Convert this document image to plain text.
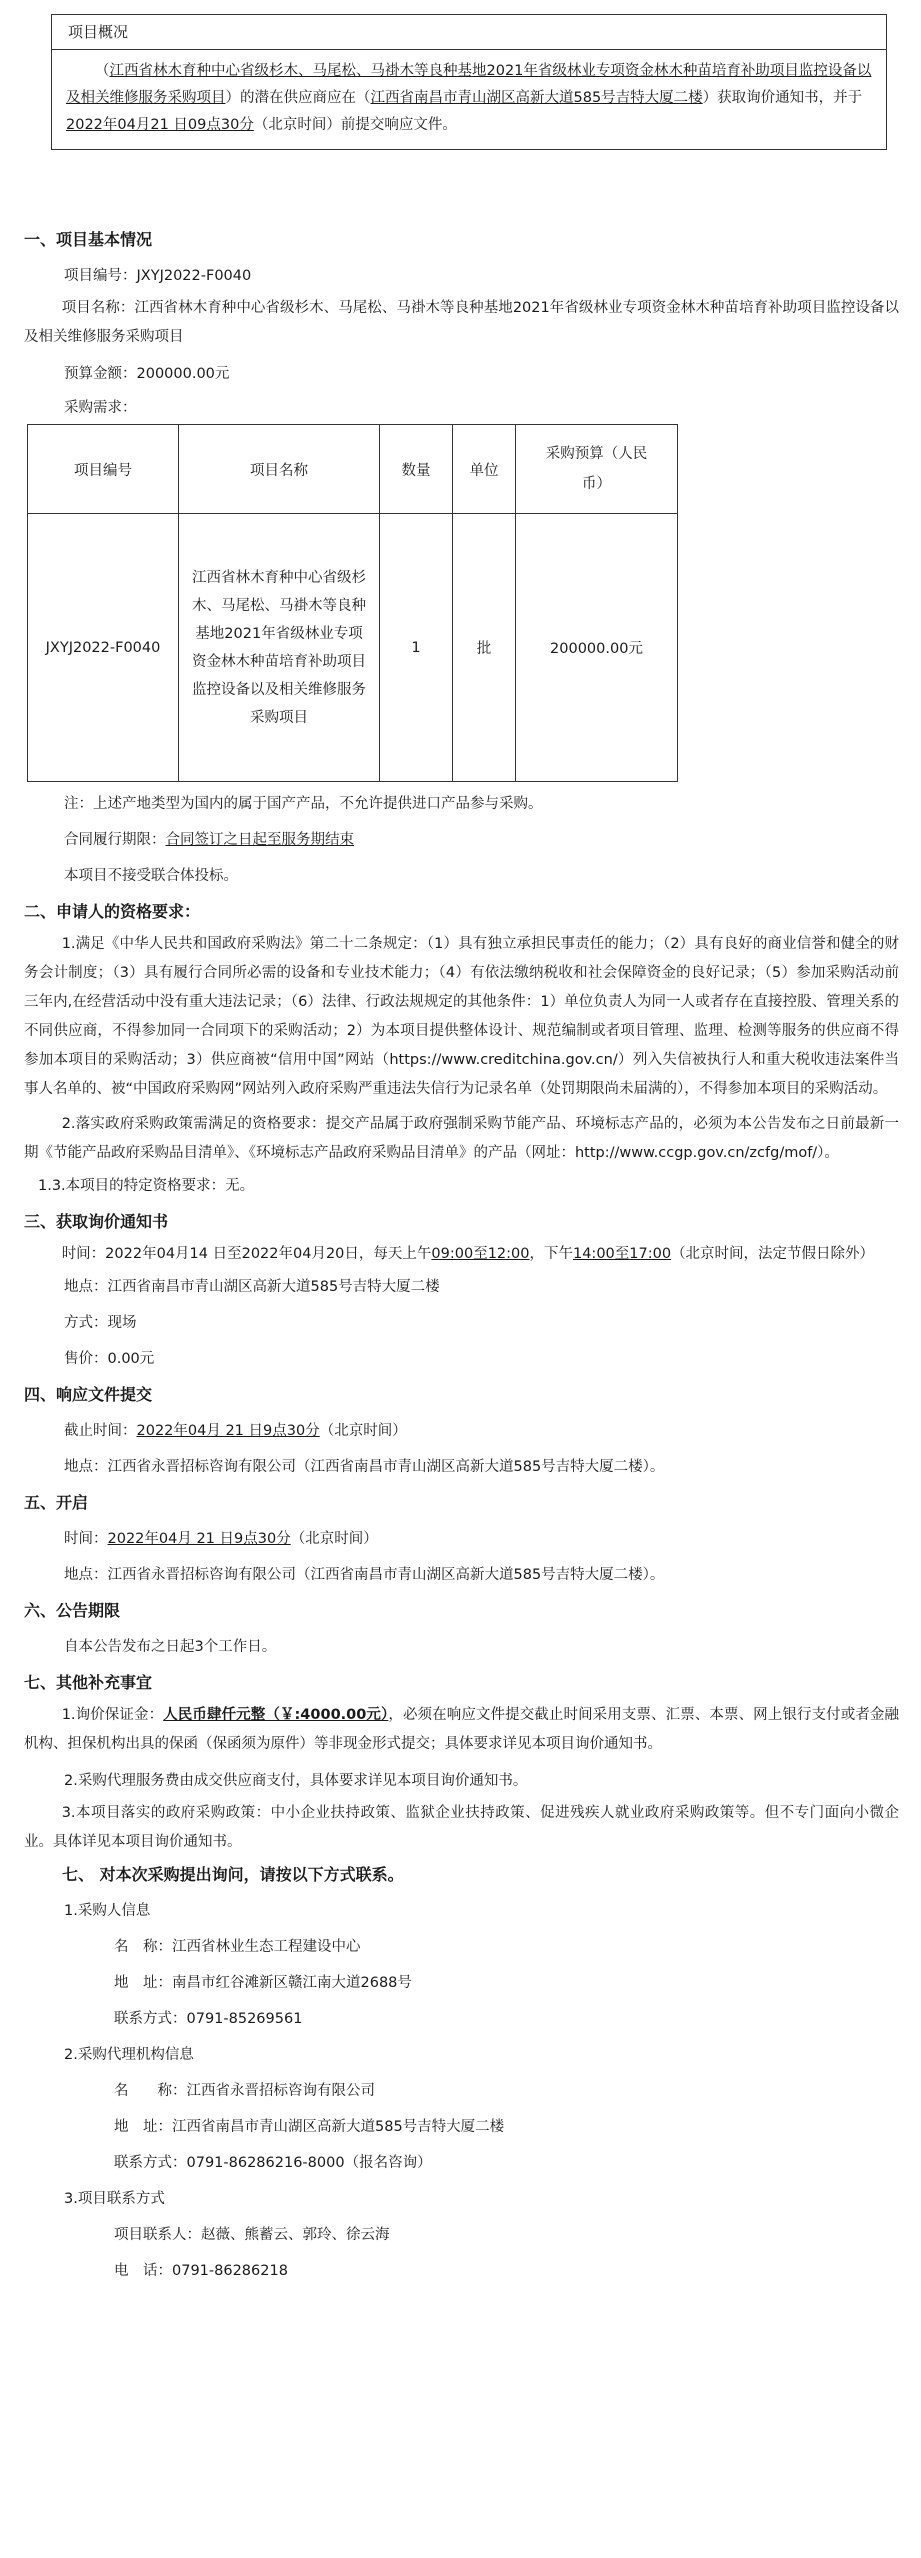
项目概况
（江西省林木育种中心省级杉木、马尾松、马褂木等良种基地2021年省级林业专项资金林木种苗培育补助项目监控设备以及相关维修服务采购项目）的潜在供应商应在（江西省南昌市青山湖区高新大道585号吉特大厦二楼）获取询价通知书，并于2022年04月21 日09点30分（北京时间）前提交响应文件。
一、项目基本情况
项目编号：JXYJ2022-F0040
项目名称：江西省林木育种中心省级杉木、马尾松、马褂木等良种基地2021年省级林业专项资金林木种苗培育补助项目监控设备以及相关维修服务采购项目
预算金额：200000.00元
采购需求：
项目编号	项目名称	数量	单位	采购预算（人民币）
JXYJ2022-F0040	江西省林木育种中心省级杉木、马尾松、马褂木等良种基地2021年省级林业专项资金林木种苗培育补助项目监控设备以及相关维修服务采购项目	1	批	200000.00元
注：上述产地类型为国内的属于国产产品，不允许提供进口产品参与采购。
合同履行期限：合同签订之日起至服务期结束
本项目不接受联合体投标。
二、申请人的资格要求：
1.满足《中华人民共和国政府采购法》第二十二条规定：（1）具有独立承担民事责任的能力；（2）具有良好的商业信誉和健全的财务会计制度；（3）具有履行合同所必需的设备和专业技术能力；（4）有依法缴纳税收和社会保障资金的良好记录；（5）参加采购活动前三年内,在经营活动中没有重大违法记录；（6）法律、行政法规规定的其他条件：1）单位负责人为同一人或者存在直接控股、管理关系的不同供应商，不得参加同一合同项下的采购活动；2）为本项目提供整体设计、规范编制或者项目管理、监理、检测等服务的供应商不得参加本项目的采购活动；3）供应商被“信用中国”网站（https://www.creditchina.gov.cn/）列入失信被执行人和重大税收违法案件当事人名单的、被“中国政府采购网”网站列入政府采购严重违法失信行为记录名单（处罚期限尚未届满的），不得参加本项目的采购活动。
2.落实政府采购政策需满足的资格要求：提交产品属于政府强制采购节能产品、环境标志产品的，必须为本公告发布之日前最新一期《节能产品政府采购品目清单》、《环境标志产品政府采购品目清单》的产品（网址：http://www.ccgp.gov.cn/zcfg/mof/）。
1.3.本项目的特定资格要求：无。
三、获取询价通知书
时间：2022年04月14 日至2022年04月20日，每天上午09:00至12:00，下午14:00至17:00（北京时间，法定节假日除外）
地点：江西省南昌市青山湖区高新大道585号吉特大厦二楼
方式：现场
售价：0.00元
四、响应文件提交
截止时间：2022年04月 21 日9点30分（北京时间）
地点：江西省永晋招标咨询有限公司（江西省南昌市青山湖区高新大道585号吉特大厦二楼）。
五、开启
时间：2022年04月 21 日9点30分（北京时间）
地点：江西省永晋招标咨询有限公司（江西省南昌市青山湖区高新大道585号吉特大厦二楼）。
六、公告期限
自本公告发布之日起3个工作日。
七、其他补充事宜
1.询价保证金：人民币肆仟元整（￥:4000.00元），必须在响应文件提交截止时间采用支票、汇票、本票、网上银行支付或者金融机构、担保机构出具的保函（保函须为原件）等非现金形式提交；具体要求详见本项目询价通知书。
2.采购代理服务费由成交供应商支付，具体要求详见本项目询价通知书。
3.本项目落实的政府采购政策：中小企业扶持政策、监狱企业扶持政策、促进残疾人就业政府采购政策等。但不专门面向小微企业。具体详见本项目询价通知书。
七、 对本次采购提出询问，请按以下方式联系。
1.采购人信息
名　称：江西省林业生态工程建设中心
地　址：南昌市红谷滩新区赣江南大道2688号
联系方式：0791-85269561
2.采购代理机构信息
名　　称：江西省永晋招标咨询有限公司
地　址：江西省南昌市青山湖区高新大道585号吉特大厦二楼
联系方式：0791-86286216-8000（报名咨询）
3.项目联系方式
项目联系人：赵薇、熊蓄云、郭玲、徐云海
电　话：0791-86286218
